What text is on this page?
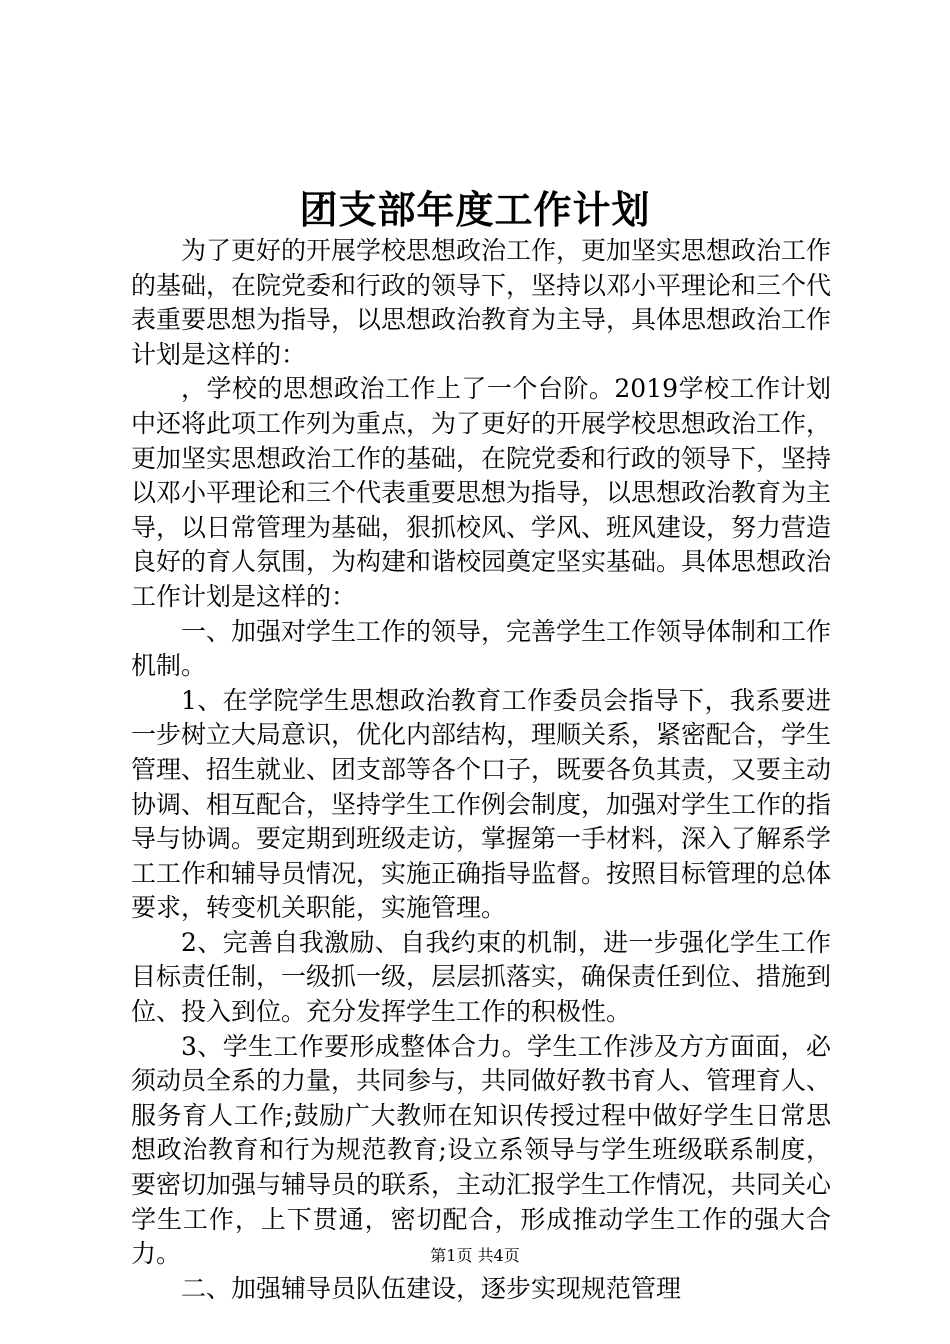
团支部年度工作计划

为了更好的开展学校思想政治工作，更加坚实思想政治工作的基础，在院党委和行政的领导下，坚持以邓小平理论和三个代表重要思想为指导，以思想政治教育为主导，具体思想政治工作计划是这样的：

，学校的思想政治工作上了一个台阶。2019学校工作计划中还将此项工作列为重点，为了更好的开展学校思想政治工作，更加坚实思想政治工作的基础，在院党委和行政的领导下，坚持以邓小平理论和三个代表重要思想为指导，以思想政治教育为主导，以日常管理为基础，狠抓校风、学风、班风建设，努力营造良好的育人氛围，为构建和谐校园奠定坚实基础。具体思想政治工作计划是这样的：

一、加强对学生工作的领导，完善学生工作领导体制和工作机制。

1、在学院学生思想政治教育工作委员会指导下，我系要进一步树立大局意识，优化内部结构，理顺关系，紧密配合，学生管理、招生就业、团支部等各个口子，既要各负其责，又要主动协调、相互配合，坚持学生工作例会制度，加强对学生工作的指导与协调。要定期到班级走访，掌握第一手材料，深入了解系学工工作和辅导员情况，实施正确指导监督。按照目标管理的总体要求，转变机关职能，实施管理。

2、完善自我激励、自我约束的机制，进一步强化学生工作目标责任制，一级抓一级，层层抓落实，确保责任到位、措施到位、投入到位。充分发挥学生工作的积极性。

3、学生工作要形成整体合力。学生工作涉及方方面面，必须动员全系的力量，共同参与，共同做好教书育人、管理育人、服务育人工作;鼓励广大教师在知识传授过程中做好学生日常思想政治教育和行为规范教育;设立系领导与学生班级联系制度，要密切加强与辅导员的联系，主动汇报学生工作情况，共同关心学生工作，上下贯通，密切配合，形成推动学生工作的强大合力。

二、加强辅导员队伍建设，逐步实现规范管理

第1页 共4页
